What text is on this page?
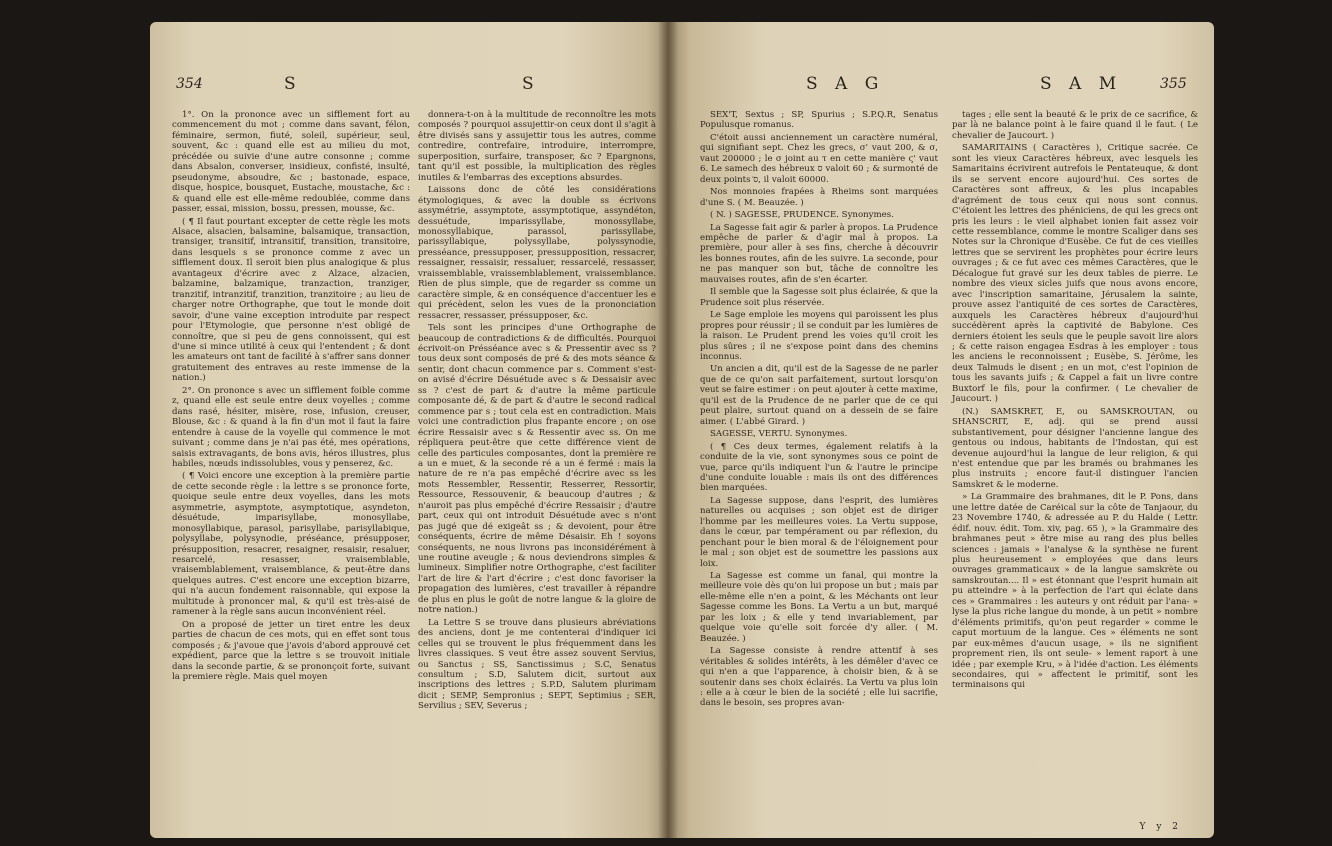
354	S	S

1°. On la prononce avec un sifflement fort au commencement du mot ; comme dans savant, félon, féminaire, sermon, fiuté, soleil, supérieur, seul, souvent, &c : quand elle est au milieu du mot, précédée ou suivie d'une autre consonne ; comme dans Absalon, converser, insidieux, confisté, insulté, pseudonyme, absoudre, &c ; bastonade, espace, disque, hospice, bousquet, Eustache, moustache, &c : & quand elle est elle-même redoublée, comme dans passer, essai, mission, bossu, pressen, mousse, &c.

( ¶ Il faut pourtant excepter de cette règle les mots Alsace, alsacien, balsamine, balsamique, transaction, transiger, transitif, intransitif, transition, transitoire, dans lesquels s se prononce comme z avec un sifflement doux. Il seroit bien plus analogique & plus avantageux d'écrire avec z Alzace, alzacien, balzamine, balzamique, tranzaction, tranziger, tranzitif, intranzitif, tranzition, tranzitoire ; au lieu de charger notre Orthographe, que tout le monde doit savoir, d'une vaine exception introduite par respect pour l'Etymologie, que personne n'est obligé de connoître, que si peu de gens connoissent, qui est d'une si mince utilité à ceux qui l'entendent ; & dont les amateurs ont tant de facilité à s'affrer sans donner gratuitement des entraves au reste immense de la nation.)

2°. On prononce s avec un sifflement foible comme z, quand elle est seule entre deux voyelles ; comme dans rasé, hésiter, misère, rose, infusion, creuser, Blouse, &c : & quand à la fin d'un mot il faut la faire entendre à cause de la voyelle qui commence le mot suivant ; comme dans je n'ai pas été, mes opérations, saisis extravagants, de bons avis, héros illustres, plus habiles, nœuds indissolubles, vous y penserez, &c.

( ¶ Voici encore une exception à la première partie de cette seconde règle : la lettre s se prononce forte, quoique seule entre deux voyelles, dans les mots asymmetrie, asymptote, asymptotique, asyndeton, désuétude, imparisyllabe, monosyllabe, monosyllabique, parasol, parisyllabe, parisyllabique, polysyllabe, polysynodie, préséance, présupposer, présupposition, resacrer, resaigner, resaisir, resaluer, resarcelé, resasser, vraisemblable, vraisemblablement, vraisemblance, & peut-être dans quelques autres. C'est encore une exception bizarre, qui n'a aucun fondement raisonnable, qui expose la multitude à prononcer mal, & qu'il est très-aisé de ramener à la règle sans aucun inconvénient réel.

On a proposé de jetter un tiret entre les deux parties de chacun de ces mots, qui en effet sont tous composés ; & j'avoue que j'avois d'abord approuvé cet expédient, parce que la lettre s se trouvoit initiale dans la seconde partie, & se prononçoit forte, suivant la premiere règle. Mais quel moyen

donnera-t-on à la multitude de reconnoître les mots composés ? pourquoi assujettir-on ceux dont il s'agit à être divisés sans y assujettir tous les autres, comme contredire, contrefaire, introduire, interrompre, superposition, surfaire, transposer, &c ? Epargnons, tant qu'il est possible, la multiplication des règles inutiles & l'embarras des exceptions absurdes.

Laissons donc de côté les considérations étymologiques, & avec la double ss écrivons assymétrie, assymptote, assymptotique, assyndéton, dessuétude, imparissyllabe, monossyllabe, monossyllabique, parassol, parissyllabe, parissyllabique, polyssyllabe, polyssynodie, presséance, pressupposer, pressupposition, ressacrer, ressaigner, ressaisir, ressaluer, ressarcelé, ressasser, vraissemblable, vraissemblablement, vraissemblance. Rien de plus simple, que de regarder ss comme un caractère simple, & en conséquence d'accentuer les e qui précèdent, selon les vues de la prononciation ressacrer, ressasser, préssupposer, &c.

Tels sont les principes d'une Orthographe de beaucoup de contradictions & de difficultés. Pourquoi écrivoit-on Présséance avec s & Pressentir avec ss ? tous deux sont composés de pré & des mots séance & sentir, dont chacun commence par s. Comment s'est-on avisé d'écrire Désuétude avec s & Dessaisir avec ss ? c'est de part & d'autre la même particule composante dé, & de part & d'autre le second radical commence par s ; tout cela est en contradiction. Mais voici une contradiction plus frapante encore ; on ose écrire Ressaisir avec s & Ressentir avec ss. On me répliquera peut-être que cette différence vient de celle des particules composantes, dont la première re a un e muet, & la seconde ré a un é fermé : mais la nature de re n'a pas empêché d'écrire avec ss les mots Ressembler, Ressentir, Resserrer, Ressortir, Ressource, Ressouvenir, & beaucoup d'autres ; & n'auroit pas plus empêché d'écrire Ressaisir ; d'autre part, ceux qui ont introduit Désuétude avec s n'ont pas jugé que dé exigeât ss ; & devoient, pour être conséquents, écrire de même Désaisir. Eh ! soyons conséquents, ne nous livrons pas inconsidérément à une routine aveugle ; & nous deviendrons simples & lumineux. Simplifier notre Orthographe, c'est faciliter l'art de lire & l'art d'écrire ; c'est donc favoriser la propagation des lumières, c'est travailler à répandre de plus en plus le goût de notre langue & la gloire de notre nation.)

La Lettre S se trouve dans plusieurs abréviations des anciens, dont je me contenterai d'indiquer ici celles qui se trouvent le plus fréquemment dans les livres classiques. S veut être assez souvent Servius, ou Sanctus ; SS, Sanctissimus ; S.C, Senatus consultum ; S.D, Salutem dicit, surtout aux inscriptions des lettres ; S.P.D, Salutem plurimam dicit ; SEMP, Sempronius ; SEPT, Septimius ; SER, Servilius ; SEV, Severus ;

S A G	S A M	355

SEX'T, Sextus ; SP, Spurius ; S.P.Q.R, Senatus Populusque romanus.

C'étoit aussi anciennement un caractère numéral, qui signifiant sept. Chez les grecs, σ' vaut 200, & σ, vaut 200000 ; le σ joint au τ en cette manière ϛ' vaut 6. Le samech des hébreux ס valoit 60 ; & surmonté de deux points ס̈, il valoit 60000.

Nos monnoies frapées à Rheims sont marquées d'une S. ( M. Beauzée. )

( N. ) SAGESSE, PRUDENCE. Synonymes.

La Sagesse fait agir & parler à propos. La Prudence empêche de parler & d'agir mal à propos. La première, pour aller à ses fins, cherche à découvrir les bonnes routes, afin de les suivre. La seconde, pour ne pas manquer son but, tâche de connoître les mauvaises routes, afin de s'en écarter.

Il semble que la Sagesse soit plus éclairée, & que la Prudence soit plus réservée.

Le Sage emploie les moyens qui paroissent les plus propres pour réussir ; il se conduit par les lumières de la raison. Le Prudent prend les voies qu'il croit les plus sûres ; il ne s'expose point dans des chemins inconnus.

Un ancien a dit, qu'il est de la Sagesse de ne parler que de ce qu'on sait parfaitement, surtout lorsqu'on veut se faire estimer : on peut ajouter à cette maxime, qu'il est de la Prudence de ne parler que de ce qui peut plaire, surtout quand on a dessein de se faire aimer. ( L'abbé Girard. )

SAGESSE, VERTU. Synonymes.

( ¶ Ces deux termes, également relatifs à la conduite de la vie, sont synonymes sous ce point de vue, parce qu'ils indiquent l'un & l'autre le principe d'une conduite louable : mais ils ont des différences bien marquées.

La Sagesse suppose, dans l'esprit, des lumières naturelles ou acquises ; son objet est de diriger l'homme par les meilleures voies. La Vertu suppose, dans le cœur, par tempérament ou par réflexion, du penchant pour le bien moral & de l'éloignement pour le mal ; son objet est de soumettre les passions aux loix.

La Sagesse est comme un fanal, qui montre la meilleure voie dès qu'on lui propose un but ; mais par elle-même elle n'en a point, & les Méchants ont leur Sagesse comme les Bons. La Vertu a un but, marqué par les loix ; & elle y tend invariablement, par quelque voie qu'elle soit forcée d'y aller. ( M. Beauzée. )

La Sagesse consiste à rendre attentif à ses véritables & solides intérêts, à les démêler d'avec ce qui n'en a que l'apparence, à choisir bien, & à se soutenir dans ses choix éclairés. La Vertu va plus loin : elle a à cœur le bien de la société ; elle lui sacrifie, dans le besoin, ses propres avan-

tages ; elle sent la beauté & le prix de ce sacrifice, & par là ne balance point à le faire quand il le faut. ( Le chevalier de Jaucourt. )

SAMARITAINS ( Caractères ), Critique sacrée. Ce sont les vieux Caractères hébreux, avec lesquels les Samaritains écrivirent autrefois le Pentateuque, & dont ils se servent encore aujourd'hui. Ces sortes de Caractères sont affreux, & les plus incapables d'agrément de tous ceux qui nous sont connus. C'étoient les lettres des phéniciens, de qui les grecs ont pris les leurs : le vieil alphabet ionien fait assez voir cette ressemblance, comme le montre Scaliger dans ses Notes sur la Chronique d'Eusèbe. Ce fut de ces vieilles lettres que se servirent les prophètes pour écrire leurs ouvrages ; & ce fut avec ces mêmes Caractères, que le Décalogue fut gravé sur les deux tables de pierre. Le nombre des vieux sicles juifs que nous avons encore, avec l'inscription samaritaine, Jérusalem la sainte, prouve assez l'antiquité de ces sortes de Caractères, auxquels les Caractères hébreux d'aujourd'hui succédèrent après la captivité de Babylone. Ces derniers étoient les seuls que le peuple savoit lire alors ; & cette raison engagea Esdras à les employer : tous les anciens le reconnoissent ; Eusèbe, S. Jérôme, les deux Talmuds le disent ; en un mot, c'est l'opinion de tous les savants juifs ; & Cappel a fait un livre contre Buxtorf le fils, pour la confirmer. ( Le chevalier de Jaucourt. )

(N.) SAMSKRET, E, ou SAMSKROUTAN, ou SHANSCRIT, E, adj. qui se prend aussi substantivement, pour désigner l'ancienne langue des gentous ou indous, habitants de l'Indostan, qui est devenue aujourd'hui la langue de leur religion, & qui n'est entendue que par les bramés ou brahmanes les plus instruits ; encore faut-il distinguer l'ancien Samskret & le moderne.

» La Grammaire des brahmanes, dit le P. Pons, dans une lettre datée de Caréical sur la côte de Tanjaour, du 23 Novembre 1740, & adressée au P. du Halde ( Lettr. édif. nouv. édit. Tom. xiv, pag. 65 ), » la Grammaire des brahmanes peut » être mise au rang des plus belles sciences : jamais » l'analyse & la synthèse ne furent plus heureusement » employées que dans leurs ouvrages grammaticaux » de la langue samskrète ou samskroutan.... Il » est étonnant que l'esprit humain ait pu atteindre » à la perfection de l'art qui éclate dans ces » Grammaires : les auteurs y ont réduit par l'ana- » lyse la plus riche langue du monde, à un petit » nombre d'éléments primitifs, qu'on peut regarder » comme le caput mortuum de la langue. Ces » éléments ne sont par eux-mêmes d'aucun usage, » ils ne signifient proprement rien, ils ont seule- » lement raport à une idée ; par exemple Kru, » à l'idée d'action. Les éléments secondaires, qui » affectent le primitif, sont les terminaisons qui

Y y 2
